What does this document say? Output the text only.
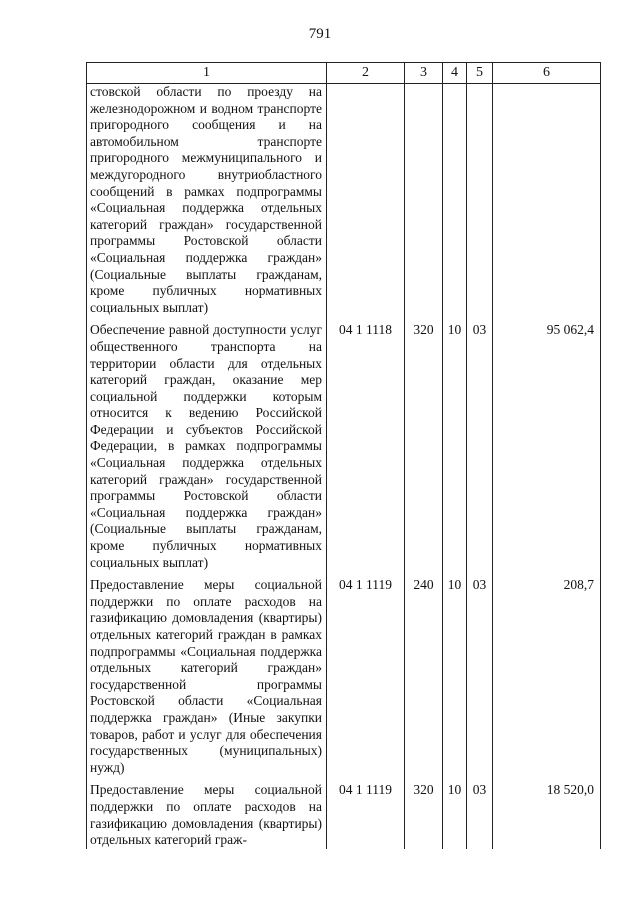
791
1	2	3	4	5	6
стовской области по проезду на железнодорожном и водном транспорте пригородного сообщения и на автомобильном транспорте пригородного межмуниципального и междугородного внутриобластного сообщений в рамках подпрограммы «Социальная поддержка отдельных категорий граждан» государственной программы Ростовской области «Социальная поддержка граждан» (Социальные выплаты гражданам, кроме публичных нормативных социальных выплат)					

Обеспечение равной доступности услуг общественного транспорта на территории области для отдельных категорий граждан, оказание мер социальной поддержки которым относится к ведению Российской Федерации и субъектов Российской Федерации, в рамках подпрограммы «Социальная поддержка отдельных категорий граждан» государственной программы Ростовской области «Социальная поддержка граждан» (Социальные выплаты гражданам, кроме публичных нормативных социальных выплат)	04 1 1118	320	10	03	95 062,4

Предоставление меры социальной поддержки по оплате расходов на газификацию домовладения (квартиры) отдельных категорий граждан в рамках подпрограммы «Социальная поддержка отдельных категорий граждан» государственной программы Ростовской области «Социальная поддержка граждан» (Иные закупки товаров, работ и услуг для обеспечения государственных (муниципальных) нужд)	04 1 1119	240	10	03	208,7

Предоставление меры социальной поддержки по оплате расходов на газификацию домовладения (квартиры) отдельных категорий граж-	04 1 1119	320	10	03	18 520,0
